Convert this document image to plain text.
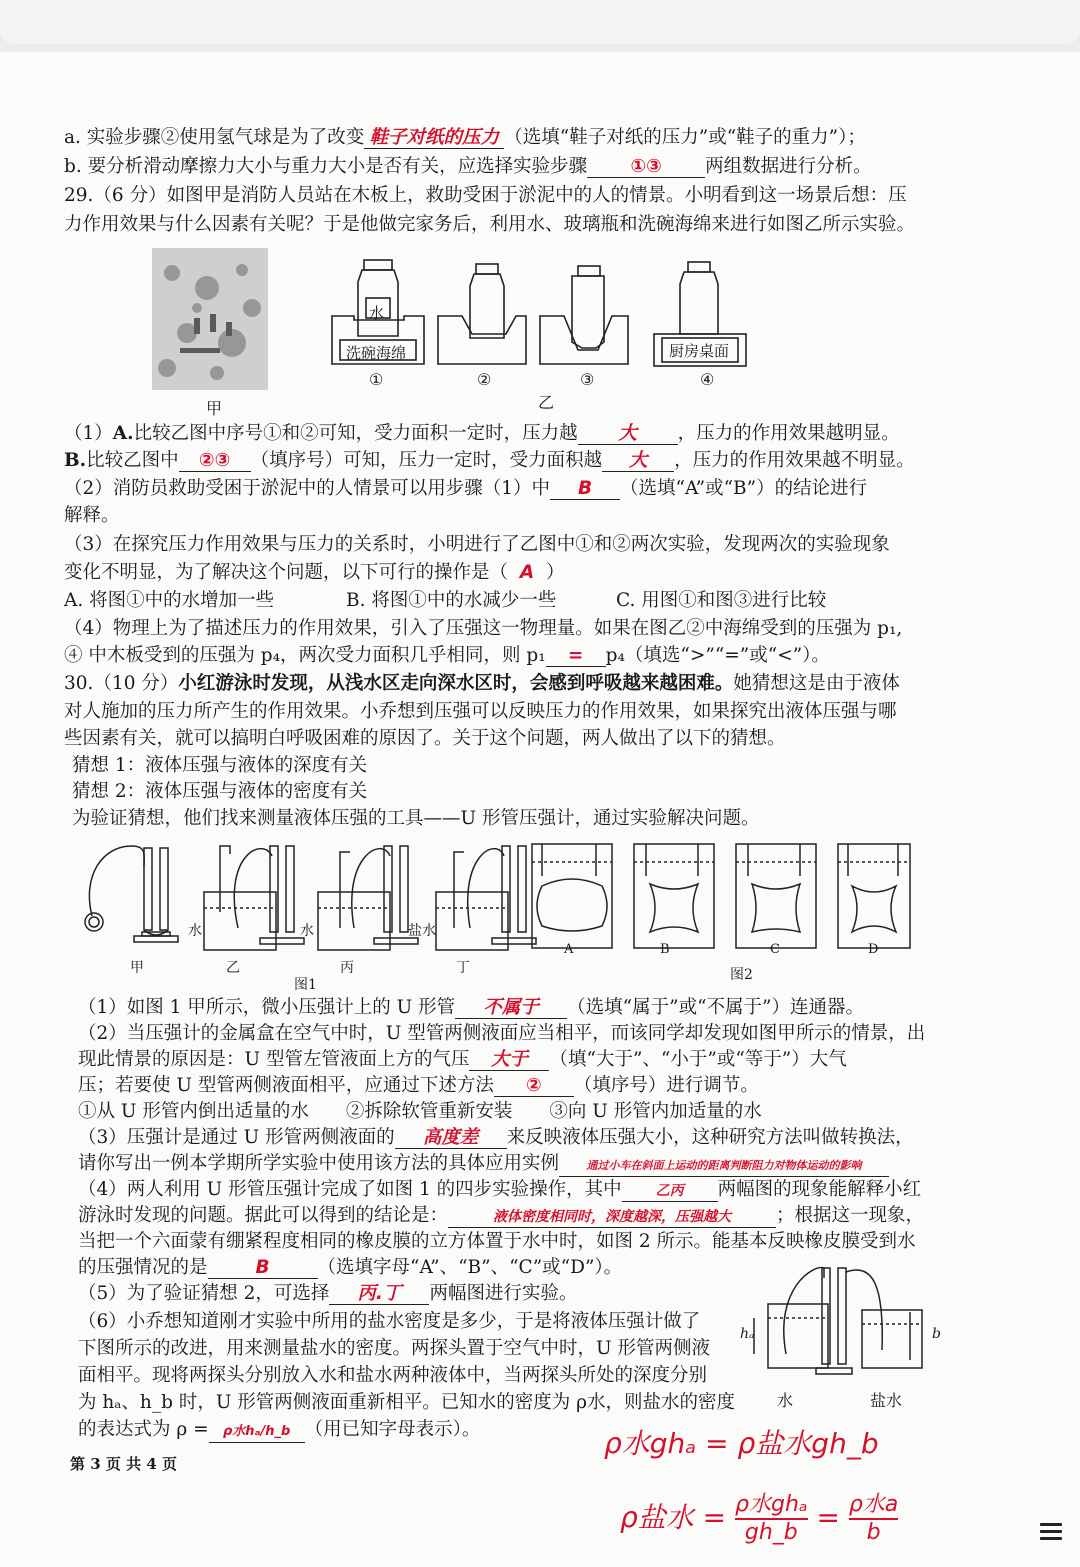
a. 实验步骤②使用氢气球是为了改变 鞋子对纸的压力 （选填“鞋子对纸的压力”或“鞋子的重力”）；
b. 要分析滑动摩擦力大小与重力大小是否有关，应选择实验步骤 ①③ 两组数据进行分析。
29.（6 分）如图甲是消防人员站在木板上，救助受困于淤泥中的人的情景。小明看到这一场景后想：压
力作用效果与什么因素有关呢？于是他做完家务后，利用水、玻璃瓶和洗碗海绵来进行如图乙所示实验。
甲
水
洗碗海绵	厨房桌面
①	②	③	④
乙
（1）A.比较乙图中序号①和②可知，受力面积一定时，压力越 大 ，压力的作用效果越明显。
B.比较乙图中 ②③ （填序号）可知，压力一定时，受力面积越 大 ，压力的作用效果越不明显。
（2）消防员救助受困于淤泥中的人情景可以用步骤（1）中 B （选填“A”或“B”）的结论进行
解释。
（3）在探究压力作用效果与压力的关系时，小明进行了乙图中①和②两次实验，发现两次的实验现象
变化不明显，为了解决这个问题，以下可行的操作是（ A ）
A. 将图①中的水增加一些	B. 将图①中的水减少一些	C. 用图①和图③进行比较
（4）物理上为了描述压力的作用效果，引入了压强这一物理量。如果在图乙②中海绵受到的压强为 p₁,
④ 中木板受到的压强为 p₄，两次受力面积几乎相同，则 p₁ = p₄（填选“>”“=”或“<”）。
30.（10 分）小红游泳时发现，从浅水区走向深水区时，会感到呼吸越来越困难。她猜想这是由于液体
对人施加的压力所产生的作用效果。小乔想到压强可以反映压力的作用效果，如果探究出液体压强与哪
些因素有关，就可以搞明白呼吸困难的原因了。关于这个问题，两人做出了以下的猜想。
猜想 1：液体压强与液体的深度有关
猜想 2：液体压强与液体的密度有关
为验证猜想，他们找来测量液体压强的工具——U 形管压强计，通过实验解决问题。
甲	乙	丙	丁
水	水	盐水
图1
A	B	C	D
图2
（1）如图 1 甲所示，微小压强计上的 U 形管 不属于 （选填“属于”或“不属于”）连通器。
（2）当压强计的金属盒在空气中时，U 型管两侧液面应当相平，而该同学却发现如图甲所示的情景，出
现此情景的原因是：U 型管左管液面上方的气压 大于 （填“大于”、“小于”或“等于”）大气
压；若要使 U 型管两侧液面相平，应通过下述方法 ② （填序号）进行调节。
①从 U 形管内倒出适量的水　　②拆除软管重新安装　　③向 U 形管内加适量的水
（3）压强计是通过 U 形管两侧液面的 高度差 来反映液体压强大小，这种研究方法叫做转换法，
请你写出一例本学期所学实验中使用该方法的具体应用实例	通过小车在斜面上运动的距离判断阻力对物体运动的影响
（4）两人利用 U 形管压强计完成了如图 1 的四步实验操作，其中 乙丙 两幅图的现象能解释小红
游泳时发现的问题。据此可以得到的结论是：	液体密度相同时，深度越深，压强越大 ；根据这一现象，
当把一个六面蒙有绷紧程度相同的橡皮膜的立方体置于水中时，如图 2 所示。能基本反映橡皮膜受到水
的压强情况的是	B	（选填字母“A”、“B”、“C”或“D”）。
（5）为了验证猜想 2，可选择 丙.丁 两幅图进行实验。
（6）小乔想知道刚才实验中所用的盐水密度是多少，于是将液体压强计做了
下图所示的改进，用来测量盐水的密度。两探头置于空气中时，U 形管两侧液
面相平。现将两探头分别放入水和盐水两种液体中，当两探头所处的深度分别
为 hₐ、h_b 时，U 形管两侧液面重新相平。已知水的密度为 ρ水，则盐水的密度
的表达式为 ρ = ρ水hₐ/h_b （用已知字母表示）。
hₐ	b
水	盐水
第 3 页 共 4 页
ρ水ghₐ = ρ盐水gh_b
ρ盐水 = ρ水ghₐ
gh_b = ρ水a
b
